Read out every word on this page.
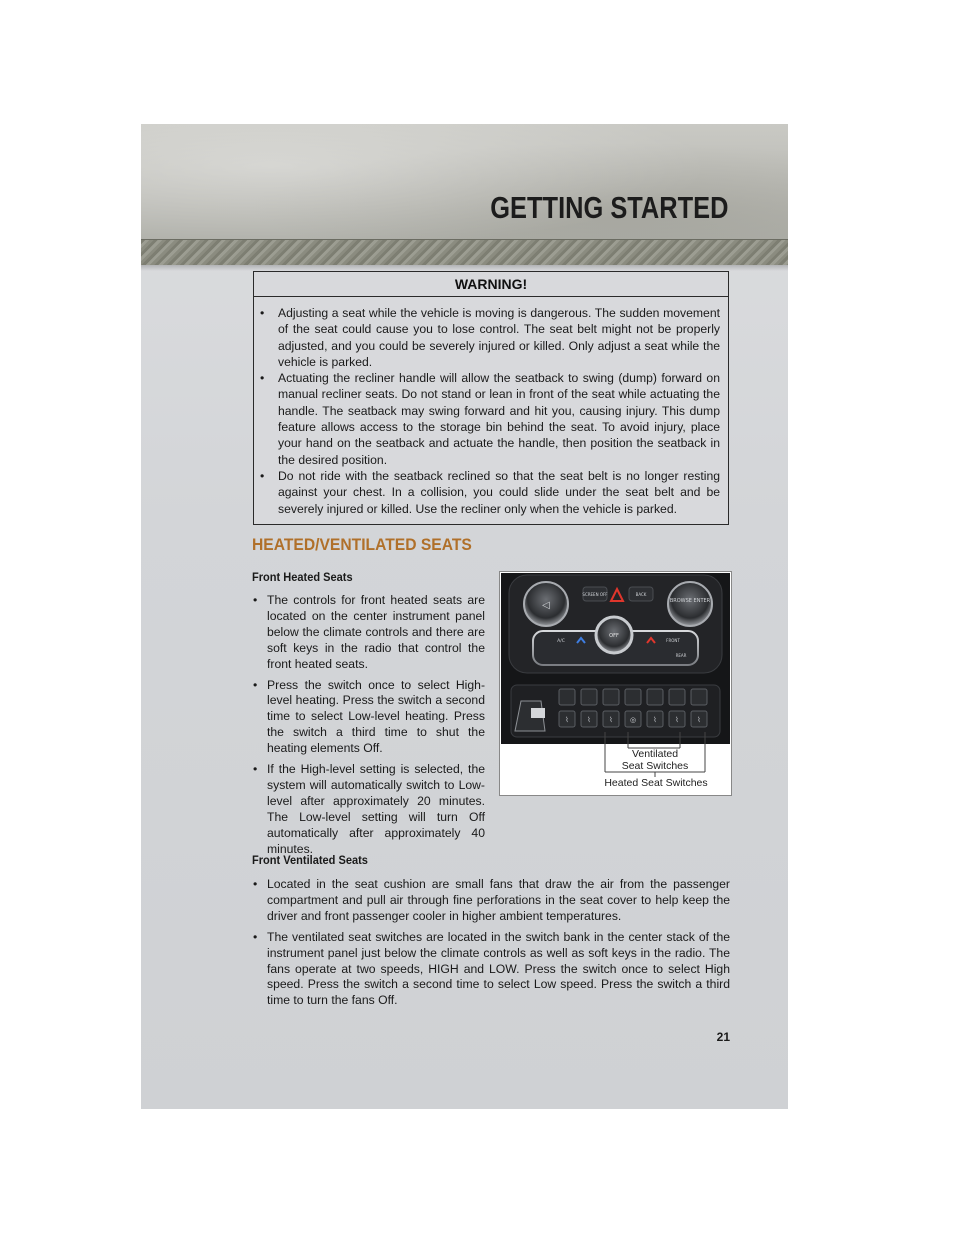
GETTING STARTED
WARNING!
• Adjusting a seat while the vehicle is moving is dangerous. The sudden movement of the seat could cause you to lose control. The seat belt might not be properly adjusted, and you could be severely injured or killed. Only adjust a seat while the vehicle is parked.
• Actuating the recliner handle will allow the seatback to swing (dump) forward on manual recliner seats. Do not stand or lean in front of the seat while actuating the handle. The seatback may swing forward and hit you, causing injury. This dump feature allows access to the storage bin behind the seat. To avoid injury, place your hand on the seatback and actuate the handle, then position the seatback in the desired position.
• Do not ride with the seatback reclined so that the seat belt is no longer resting against your chest. In a collision, you could slide under the seat belt and be severely injured or killed. Use the recliner only when the vehicle is parked.
HEATED/VENTILATED SEATS
Front Heated Seats
• The controls for front heated seats are located on the center instrument panel below the climate controls and there are soft keys in the radio that control the front heated seats.
• Press the switch once to select High-level heating. Press the switch a second time to select Low-level heating. Press the switch a third time to shut the heating elements Off.
• If the High-level setting is selected, the system will automatically switch to Low-level after approximately 20 minutes. The Low-level setting will turn Off automatically after approximately 40 minutes.
◁	BROWSE ENTER
SCREEN OFF	BACK
OFF
A/C	FRONT
REAR
⌇	⌇	⌇ ◎ ⌇	⌇	⌇
Ventilated
Seat Switches
Heated Seat Switches
Front Ventilated Seats
• Located in the seat cushion are small fans that draw the air from the passenger compartment and pull air through fine perforations in the seat cover to help keep the driver and front passenger cooler in higher ambient temperatures.
• The ventilated seat switches are located in the switch bank in the center stack of the instrument panel just below the climate controls as well as soft keys in the radio. The fans operate at two speeds, HIGH and LOW. Press the switch once to select High speed. Press the switch a second time to select Low speed. Press the switch a third time to turn the fans Off.
21
